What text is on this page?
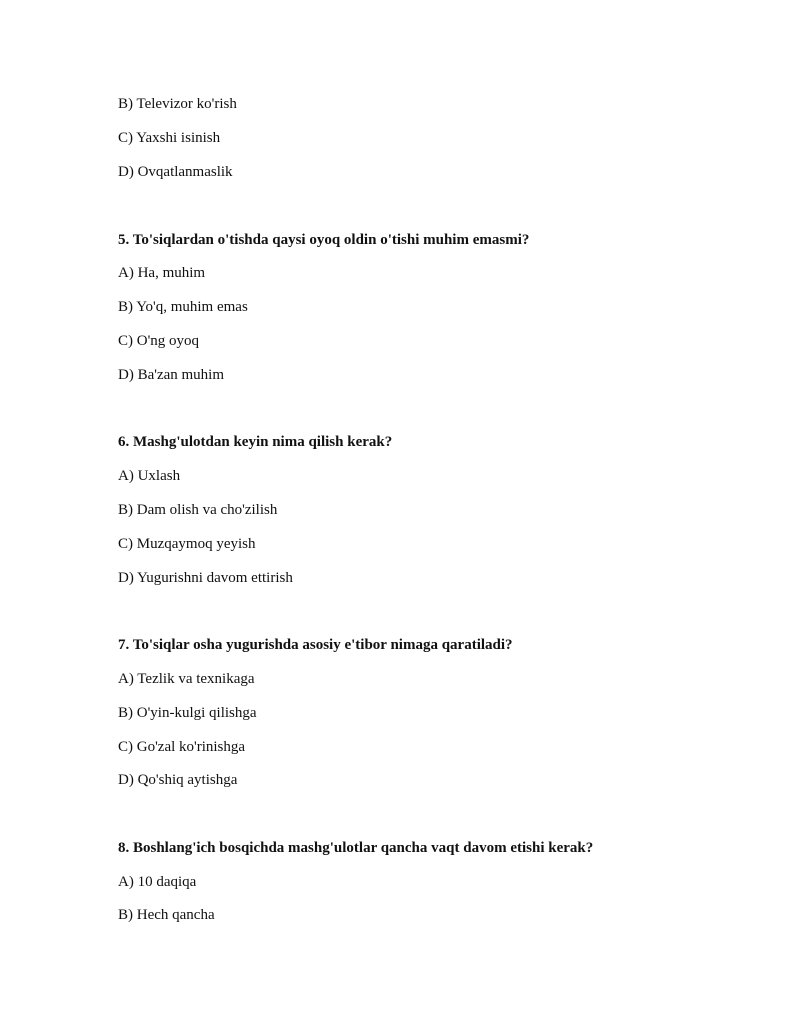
B) Televizor ko'rish
C) Yaxshi isinish
D) Ovqatlanmaslik
5. To'siqlardan o'tishda qaysi oyoq oldin o'tishi muhim emasmi?
A) Ha, muhim
B) Yo'q, muhim emas
C) O'ng oyoq
D) Ba'zan muhim
6. Mashg'ulotdan keyin nima qilish kerak?
A) Uxlash
B) Dam olish va cho'zilish
C) Muzqaymoq yeyish
D) Yugurishni davom ettirish
7. To'siqlar osha yugurishda asosiy e'tibor nimaga qaratiladi?
A) Tezlik va texnikaga
B) O'yin-kulgi qilishga
C) Go'zal ko'rinishga
D) Qo'shiq aytishga
8. Boshlang'ich bosqichda mashg'ulotlar qancha vaqt davom etishi kerak?
A) 10 daqiqa
B) Hech qancha
